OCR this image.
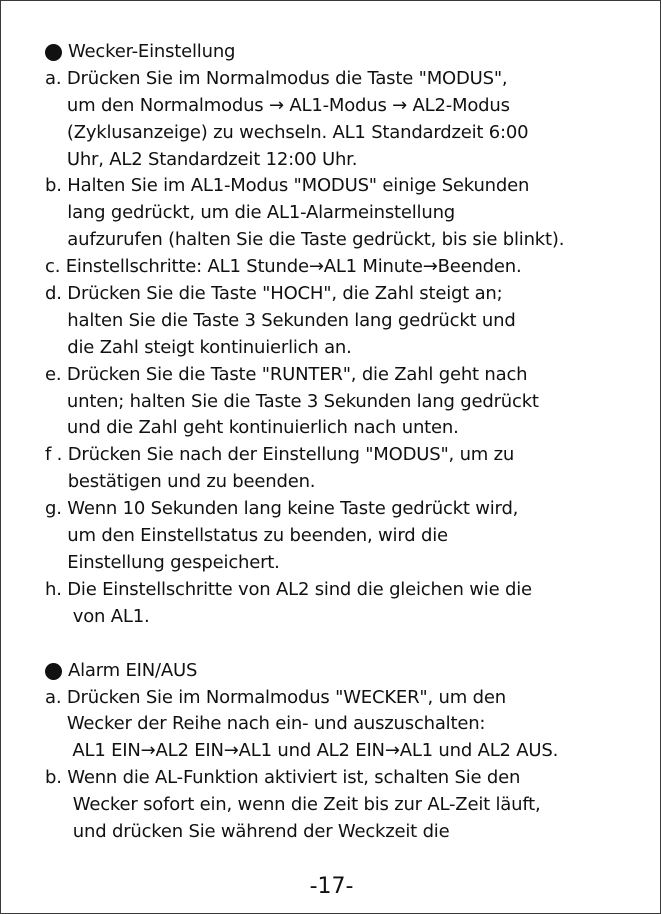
Wecker-Einstellung
a. Drücken Sie im Normalmodus die Taste "MODUS",
um den Normalmodus → AL1-Modus → AL2-Modus
(Zyklusanzeige) zu wechseln. AL1 Standardzeit 6:00
Uhr, AL2 Standardzeit 12:00 Uhr.
b. Halten Sie im AL1-Modus "MODUS" einige Sekunden
lang gedrückt, um die AL1-Alarmeinstellung
aufzurufen (halten Sie die Taste gedrückt, bis sie blinkt).
c. Einstellschritte: AL1 Stunde→AL1 Minute→Beenden.
d. Drücken Sie die Taste "HOCH", die Zahl steigt an;
halten Sie die Taste 3 Sekunden lang gedrückt und
die Zahl steigt kontinuierlich an.
e. Drücken Sie die Taste "RUNTER", die Zahl geht nach
unten; halten Sie die Taste 3 Sekunden lang gedrückt
und die Zahl geht kontinuierlich nach unten.
f . Drücken Sie nach der Einstellung "MODUS", um zu
bestätigen und zu beenden.
g. Wenn 10 Sekunden lang keine Taste gedrückt wird,
um den Einstellstatus zu beenden, wird die
Einstellung gespeichert.
h. Die Einstellschritte von AL2 sind die gleichen wie die
von AL1.
Alarm EIN/AUS
a. Drücken Sie im Normalmodus "WECKER", um den
Wecker der Reihe nach ein- und auszuschalten:
AL1 EIN→AL2 EIN→AL1 und AL2 EIN→AL1 und AL2 AUS.
b. Wenn die AL-Funktion aktiviert ist, schalten Sie den
Wecker sofort ein, wenn die Zeit bis zur AL-Zeit läuft,
und drücken Sie während der Weckzeit die
-17-
